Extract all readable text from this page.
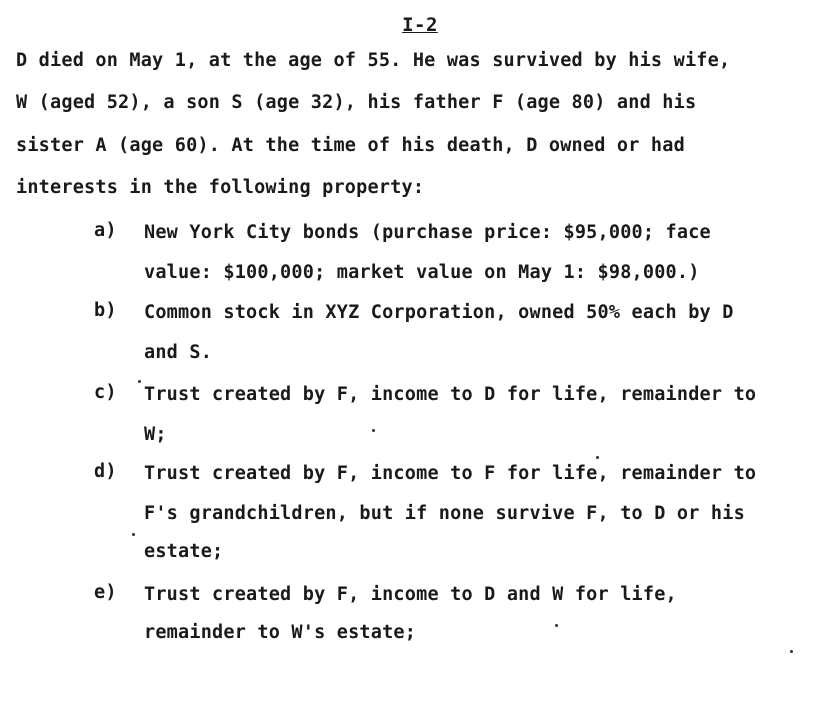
I-2
D died on May 1, at the age of 55. He was survived by his wife,
W (aged 52), a son S (age 32), his father F (age 80) and his
sister A (age 60). At the time of his death, D owned or had
interests in the following property:
a) New York City bonds (purchase price: $95,000; face
value: $100,000; market value on May 1: $98,000.)
b) Common stock in XYZ Corporation, owned 50% each by D
and S.
c) Trust created by F, income to D for life, remainder to
W;
d) Trust created by F, income to F for life, remainder to
F's grandchildren, but if none survive F, to D or his
estate;
e) Trust created by F, income to D and W for life,
remainder to W's estate;
